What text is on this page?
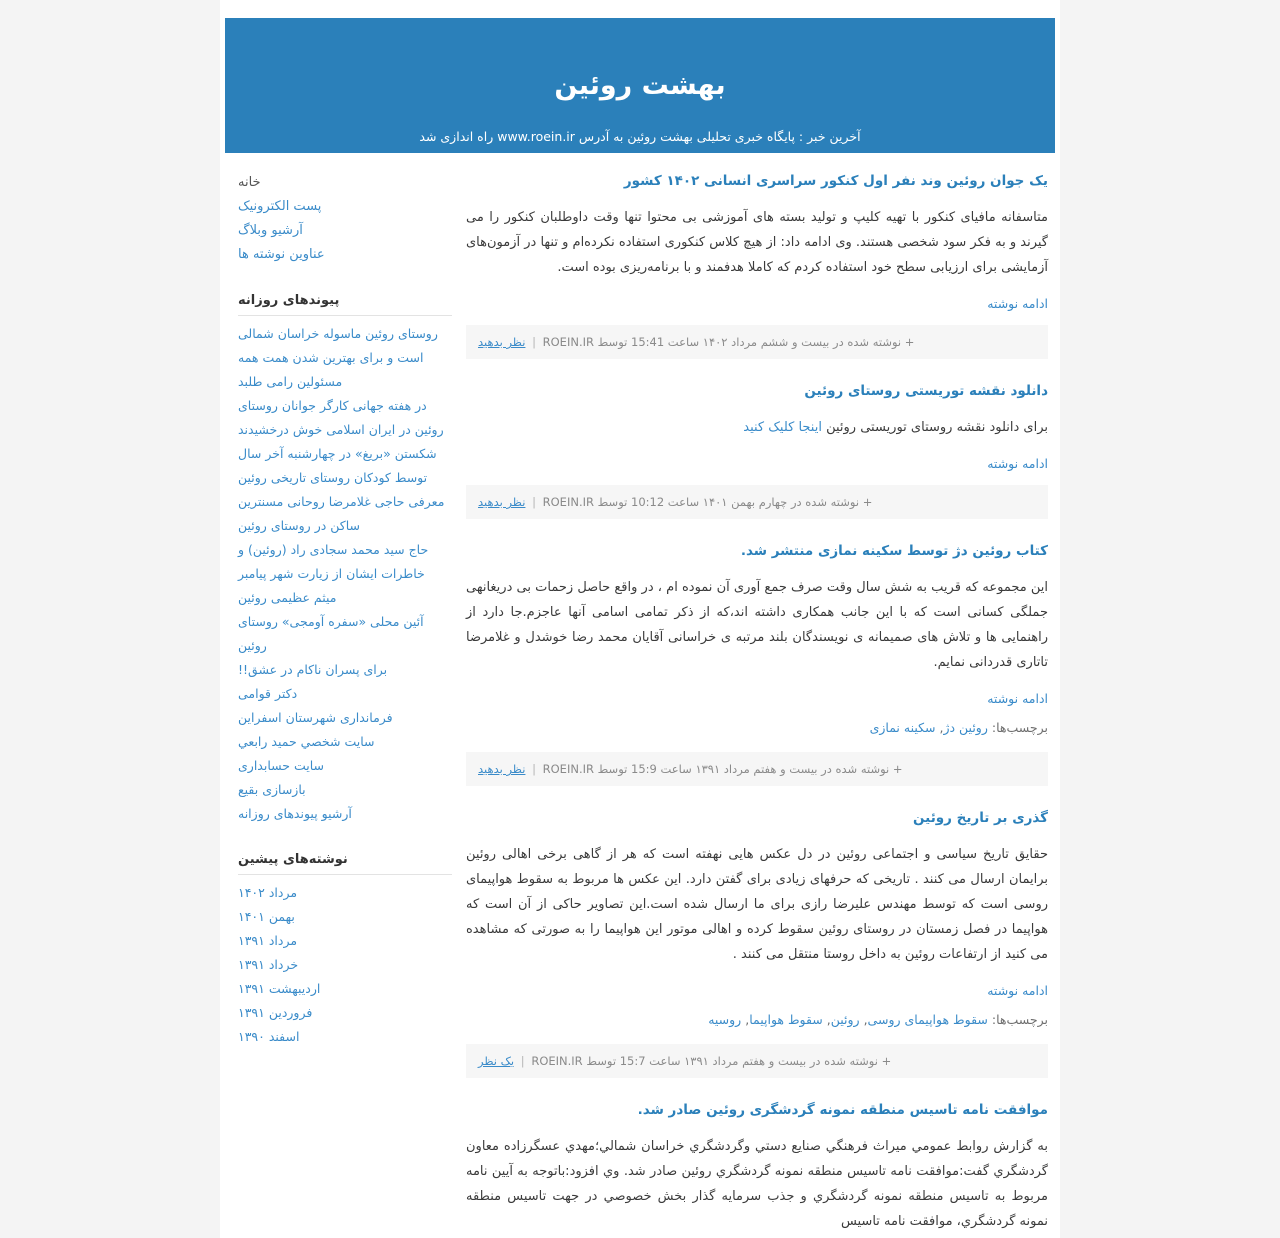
بهشت روئین

آخرین خبر : پایگاه خبری تحلیلی بهشت روئین به آدرس www.roein.ir راه اندازی شد

یک جوان روئین وند نفر اول کنکور سراسری انسانی ۱۴۰۲ کشور

متاسفانه مافیای کنکور با تهیه کلیپ و تولید بسته های آموزشی بی محتوا تنها وقت داوطلبان کنکور را می گیرند و به فکر سود شخصی هستند. وی ادامه داد: از هیچ کلاس کنکوری استفاده نکرده‌ام و تنها در آزمون‌های آزمایشی برای ارزیابی سطح خود استفاده کردم که کاملا هدفمند و با برنامه‌ریزی بوده است.

ادامه نوشته
+ نوشته شده در بیست و ششم مرداد ۱۴۰۲ ساعت 15:41 توسط ROEIN.IR | نظر بدهید
دانلود نقشه توریستی روستای روئین

برای دانلود نقشه روستای توریستی روئین اینجا کلیک کنید

ادامه نوشته
+ نوشته شده در چهارم بهمن ۱۴۰۱ ساعت 10:12 توسط ROEIN.IR | نظر بدهید
کتاب روئین دژ توسط سکینه نمازی منتشر شد.

این مجموعه که قریب به شش سال وقت صرف جمع آوری آن نموده ام ، در واقع حاصل زحمات بی دریغانهی جملگی کسانی است که با این جانب همکاری داشته اند،که از ذکر تمامی اسامی آنها عاجزم.جا دارد از راهنمایی ها و تلاش های صمیمانه ی نویسندگان بلند مرتبه ی خراسانی آقایان محمد رضا خوشدل و غلامرضا تاتاری قدردانی نمایم.

ادامه نوشته
برچسب‌ها: روئین دژ, سکینه نمازی
+ نوشته شده در بیست و هفتم مرداد ۱۳۹۱ ساعت 15:9 توسط ROEIN.IR | نظر بدهید
گذری بر تاریخ روئین

حقایق تاریخ سیاسی و اجتماعی روئین در دل عکس هایی نهفته است که هر از گاهی برخی اهالی روئین برایمان ارسال می کنند . تاریخی که حرفهای زیادی برای گفتن دارد. این عکس ها مربوط به سقوط هواپیمای روسی است که توسط مهندس علیرضا رازی برای ما ارسال شده است.این تصاویر حاکی از آن است که هواپیما در فصل زمستان در روستای روئین سقوط کرده و اهالی موتور این هواپیما را به صورتی که مشاهده می کنید از ارتفاعات روئین به داخل روستا منتقل می کنند .

ادامه نوشته
برچسب‌ها: سقوط هواپیمای روسی, روئین, سقوط هواپیما, روسیه
+ نوشته شده در بیست و هفتم مرداد ۱۳۹۱ ساعت 15:7 توسط ROEIN.IR | یک نظر
موافقت نامه تاسیس منطقه نمونه گردشگری روئین صادر شد.

به گزارش روابط عمومي ميراث فرهنگي صنايع دستي وگردشگري خراسان شمالي؛مهدي عسگرزاده معاون گردشگري گفت:موافقت نامه تاسیس منطقه نمونه گردشگري روئین صادر شد. وي افزود:باتوجه به آیین نامه مربوط به تاسیس منطقه نمونه گردشگري و جذب سرمایه گذار بخش خصوصي در جهت تاسیس منطقه نمونه گردشگري، موافقت نامه تاسیس

خانه
پست الکترونیک
آرشیو وبلاگ
عناوین نوشته ها
پیوندهای روزانه
روستای روئین ماسوله خراسان شمالی است و برای بهترین شدن همت همه مسئولین رامی طلبد
در هفته جهانی کارگر جوانان روستای روئین در ایران اسلامی خوش درخشیدند
شکستن «بریغ» در چهارشنبه آخر سال توسط کودکان روستای تاریخی روئین
معرفی حاجی غلامرضا روحانی مسنترین ساکن در روستای روئین
حاج سید محمد سجادی راد (روئین) و خاطرات ایشان از زیارت شهر پیامبر
میثم عظیمی روئین
آئین محلی «سفره آومجی» روستای روئین
برای پسران ناکام در عشق!!
دکتر قوامی
فرمانداری شهرستان اسفراین
سایت شخصي حمید رابعي
سایت حسابداری
بازسازی بقیع
آرشیو پیوندهای روزانه
نوشته‌های پیشین
مرداد ۱۴۰۲
بهمن ۱۴۰۱
مرداد ۱۳۹۱
خرداد ۱۳۹۱
اردیبهشت ۱۳۹۱
فروردین ۱۳۹۱
اسفند ۱۳۹۰
